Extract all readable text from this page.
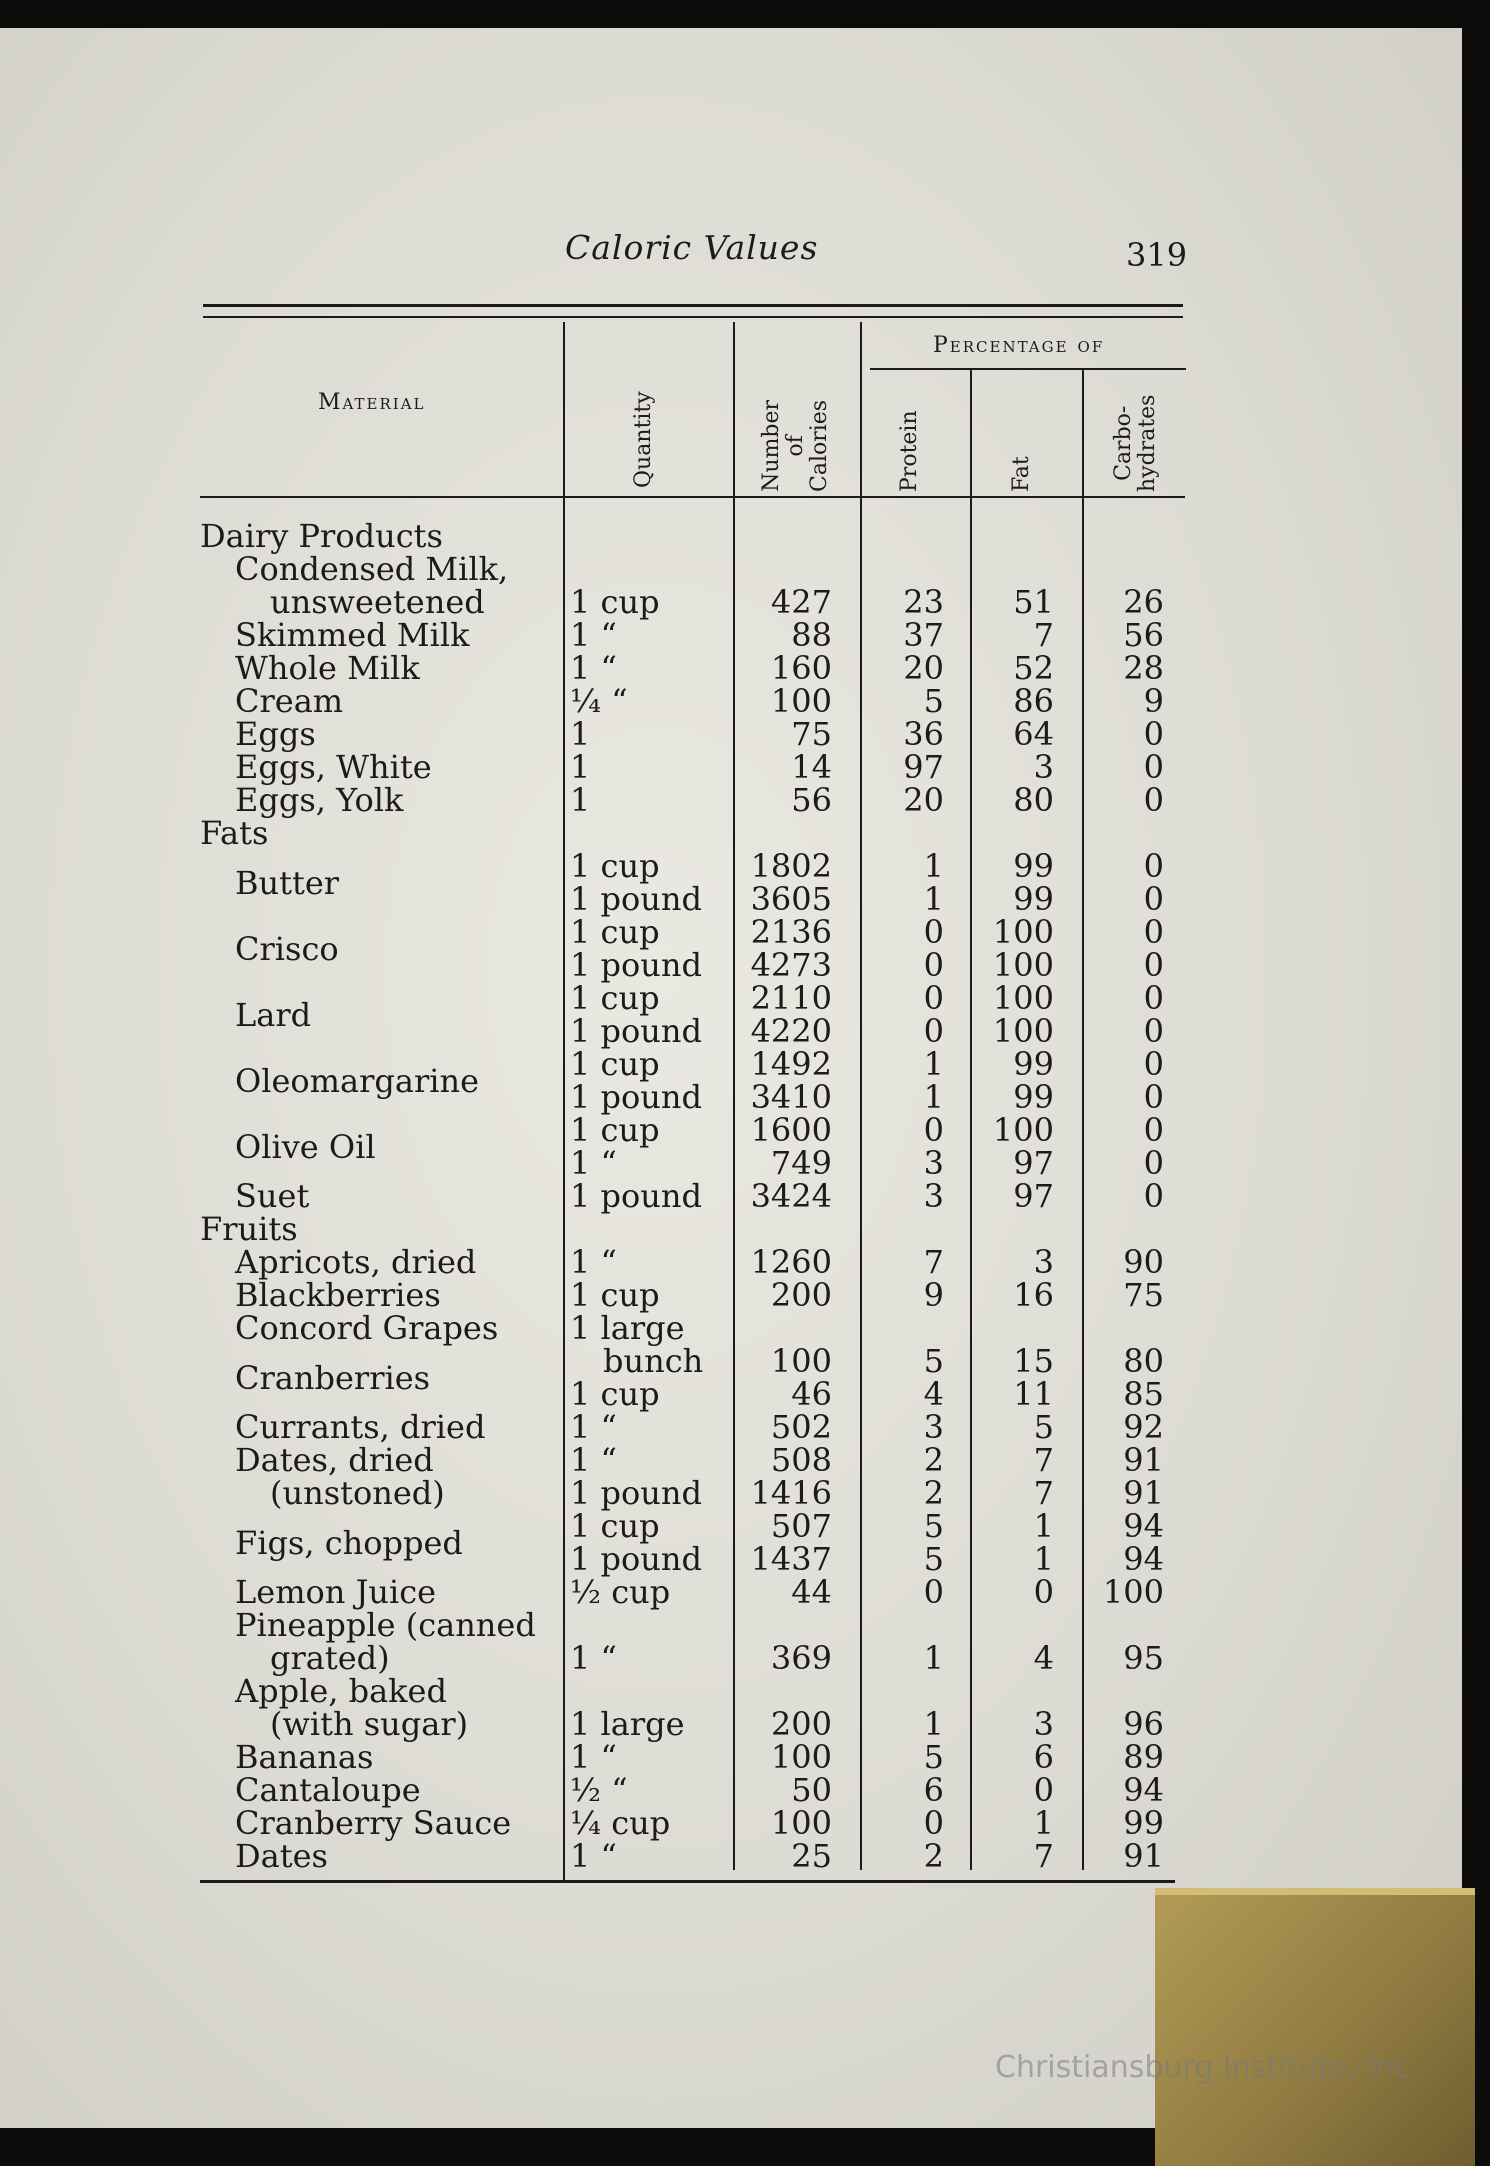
Caloric Values	319
Material	Quantity	Number of Calories
Percentage of
Protein	Fat	Carbo- hydrates
Dairy Products
Condensed Milk,
unsweetened	1 cup	427	23	51	26
Skimmed Milk	1 “	88	37	7	56
Whole Milk	1 “	160	20	52	28
Cream	¼ “	100	5	86	9
Eggs	1	75	36	64	0
Eggs, White	1	14	97	3	0
Eggs, Yolk	1	56	20	80	0
Fats
Butter	1 cup	1802	1	99	0
1 pound	3605	1	99	0
Crisco	1 cup	2136	0	100	0
1 pound	4273	0	100	0
Lard	1 cup	2110	0	100	0
1 pound	4220	0	100	0
Oleomargarine	1 cup	1492	1	99	0
1 pound	3410	1	99	0
Olive Oil	1 cup	1600	0	100	0
1 “	749	3	97	0
Suet	1 pound	3424	3	97	0
Fruits
Apricots, dried	1 “	1260	7	3	90
Blackberries	1 cup	200	9	16	75
Concord Grapes 1 large
bunch	100	5	15	80
Cranberries	1 cup	46	4	11	85
Currants, dried	1 “	502	3	5	92
Dates, dried	1 “	508	2	7	91
(unstoned)	1 pound	1416	2	7	91
Figs, chopped	1 cup	507	5	1	94
1 pound	1437	5	1	94
Lemon Juice	½ cup	44	0	0	100
Pineapple (canned
grated)	1 “	369	1	4	95
Apple, baked
(with sugar)	1 large	200	1	3	96
Bananas	1 “	100	5	6	89
Cantaloupe	½ “	50	6	0	94
Cranberry Sauce ¼ cup	100	0	1	99
Dates	1 “	25	2	7	91
Christiansburg Institute, Inc
